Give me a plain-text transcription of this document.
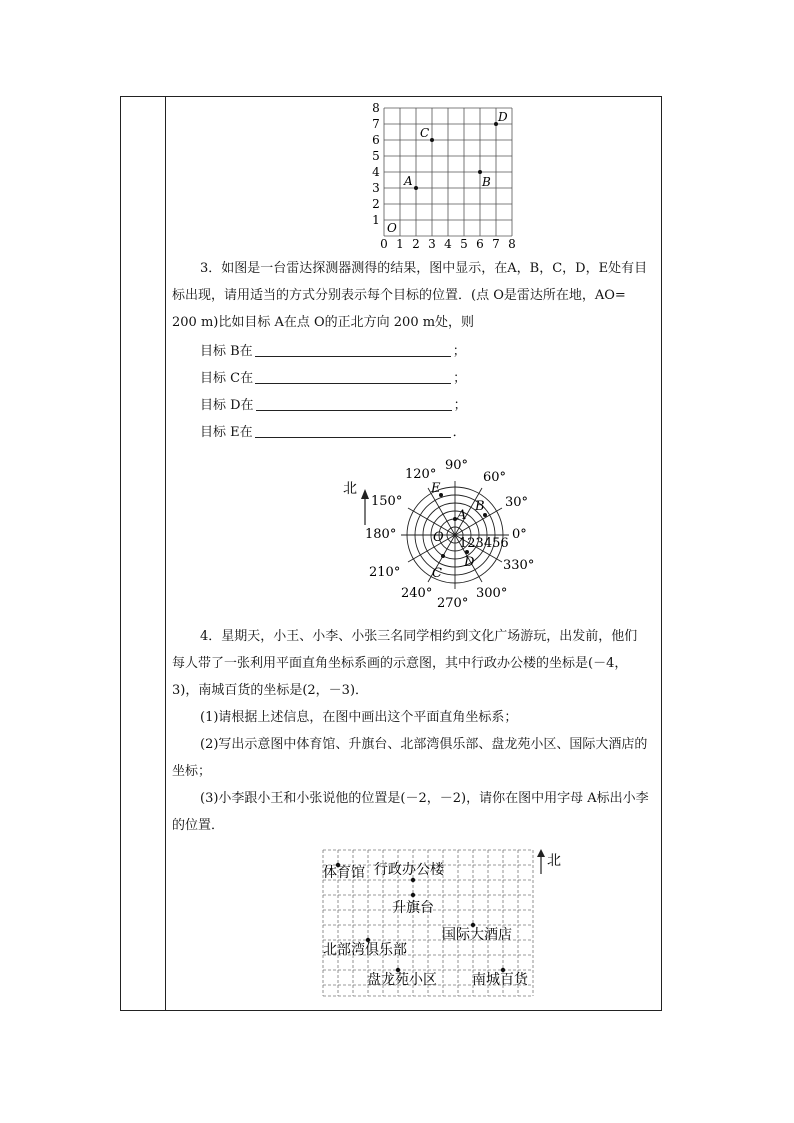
8
7
6
5
4
3
2
1
0 1 2 3 4 5 6 7 8
O
A
C
D
B
3．如图是一台雷达探测器测得的结果，图中显示，在A，B，C，D，E处有目
标出现，请用适当的方式分别表示每个目标的位置．(点 O是雷达所在地，AO=
200 m)比如目标 A在点 O的正北方向 200 m处，则
目标 B在	；
目标 C在	；
目标 D在	；
目标 E在	．
北
90°
60°
30°
0°
330°
300°
270°
240°
210°
180°
150°
120°
A
B
C
D
E
O 123456
4．星期天，小王、小李、小张三名同学相约到文化广场游玩，出发前，他们
每人带了一张利用平面直角坐标系画的示意图，其中行政办公楼的坐标是(－4，
3)，南城百货的坐标是(2，－3)．
(1)请根据上述信息，在图中画出这个平面直角坐标系；
(2)写出示意图中体育馆、升旗台、北部湾俱乐部、盘龙苑小区、国际大酒店的
坐标；
(3)小李跟小王和小张说他的位置是(－2，－2)，请你在图中用字母 A标出小李
的位置．
北
体育馆 行政办公楼
升旗台
国际大酒店
北部湾俱乐部
盘龙苑小区	南城百货
